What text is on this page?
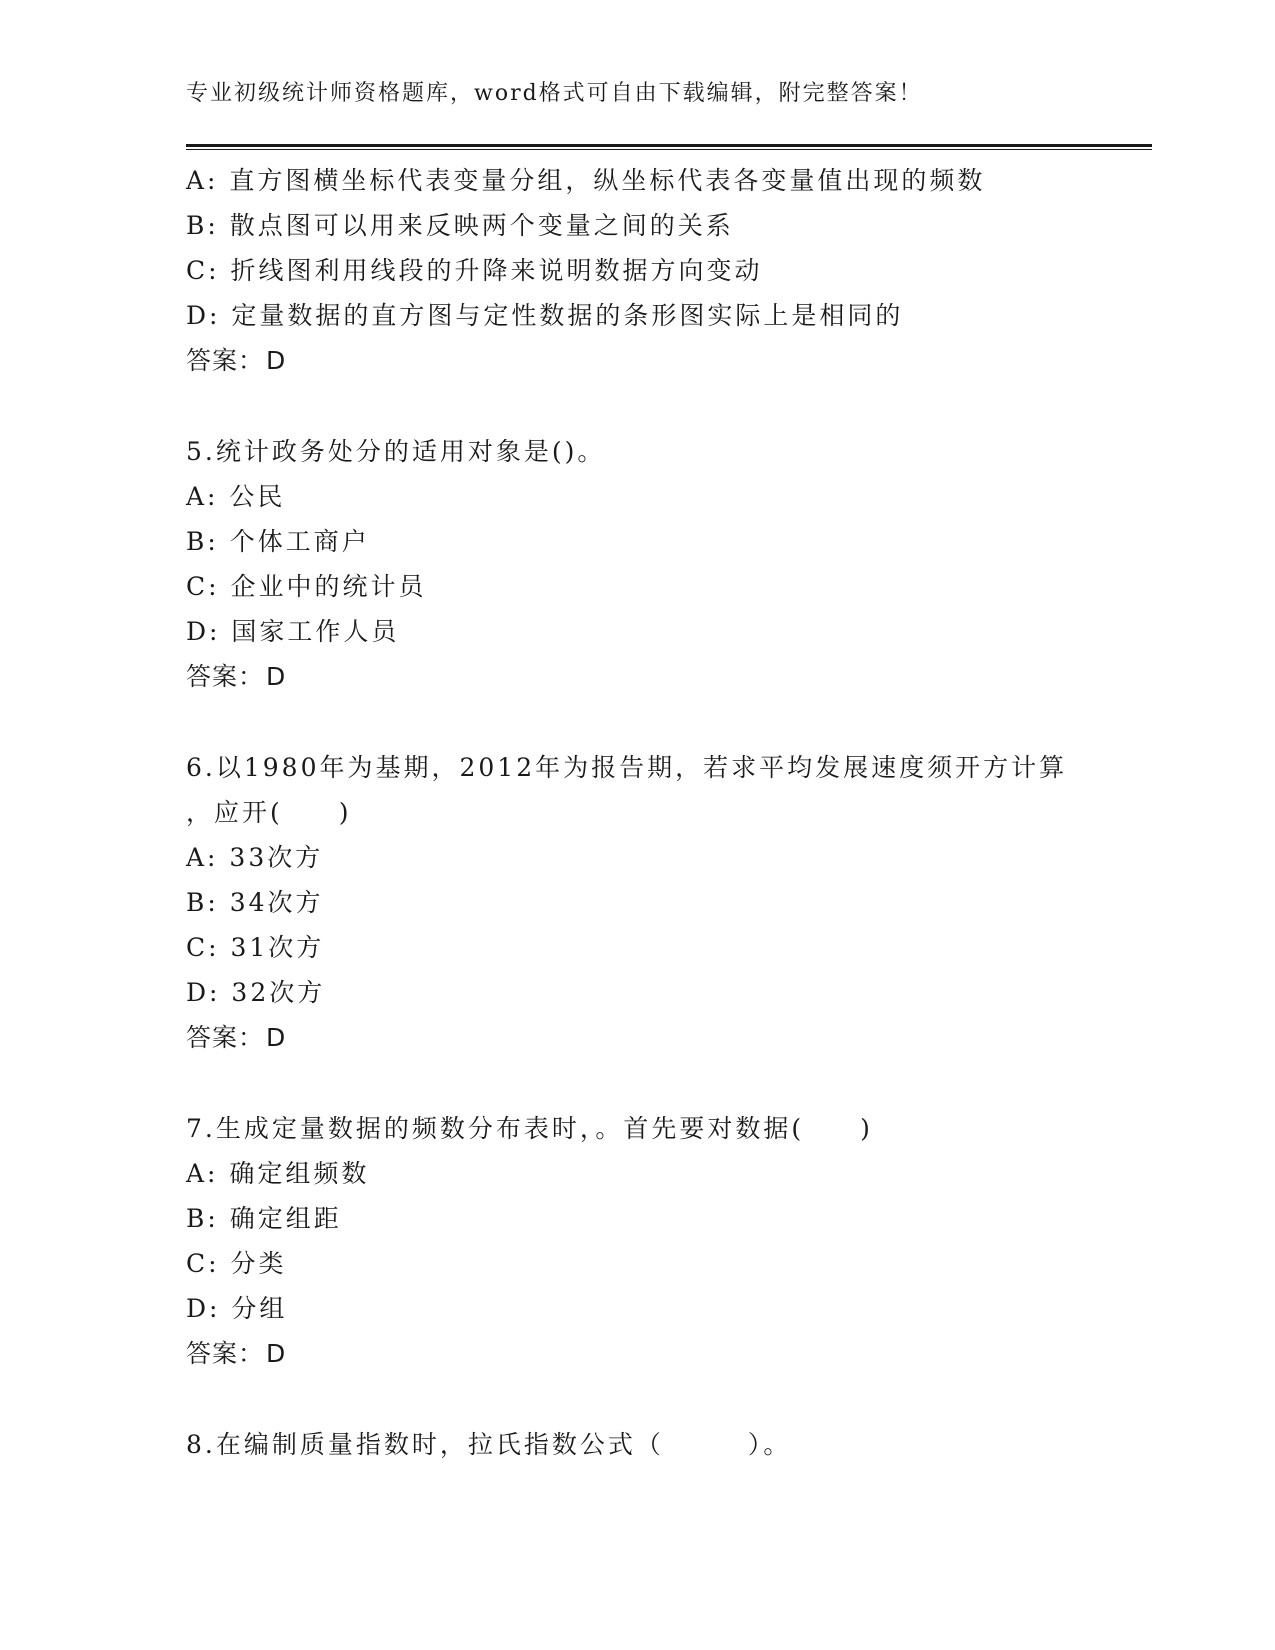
专业初级统计师资格题库，word格式可自由下载编辑，附完整答案！
A: 直方图横坐标代表变量分组，纵坐标代表各变量值出现的频数
B: 散点图可以用来反映两个变量之间的关系
C: 折线图利用线段的升降来说明数据方向变动
D: 定量数据的直方图与定性数据的条形图实际上是相同的
答案：D
5.统计政务处分的适用对象是()。
A: 公民
B: 个体工商户
C: 企业中的统计员
D: 国家工作人员
答案：D
6.以1980年为基期，2012年为报告期，若求平均发展速度须开方计算
，应开(　　)
A: 33次方
B: 34次方
C: 31次方
D: 32次方
答案：D
7.生成定量数据的频数分布表时，。首先要对数据(　　)
A: 确定组频数
B: 确定组距
C: 分类
D: 分组
答案：D
8.在编制质量指数时，拉氏指数公式（　　　）。
